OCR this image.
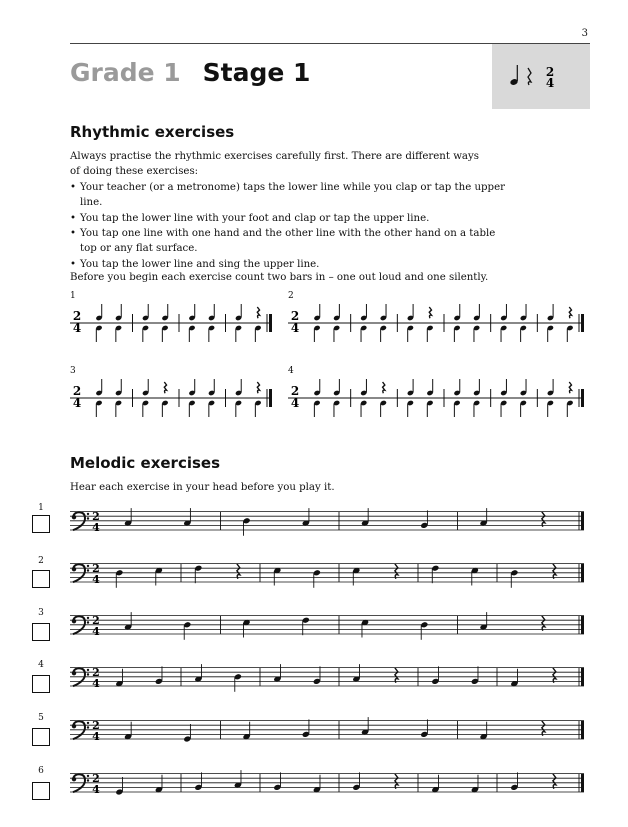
3
Grade 1 Stage 1	2
4
Rhythmic exercises
Always practise the rhythmic exercises carefully first. There are different ways
of doing these exercises:
• Your teacher (or a metronome) taps the lower line while you clap or tap the upper line.
• You tap the lower line with your foot and clap or tap the upper line.
• You tap one line with one hand and the other line with the other hand on a table top or any flat surface.
• You tap the lower line and sing the upper line.
Before you begin each exercise count two bars in – one out loud and one silently.
1
2
4
2
2
4
3
2
4
4
2
4
Melodic exercises
Hear each exercise in your head before you play it.
1
2
4
2
2
4
3
2
4
4
2
4
5
2
4
6
2
4
